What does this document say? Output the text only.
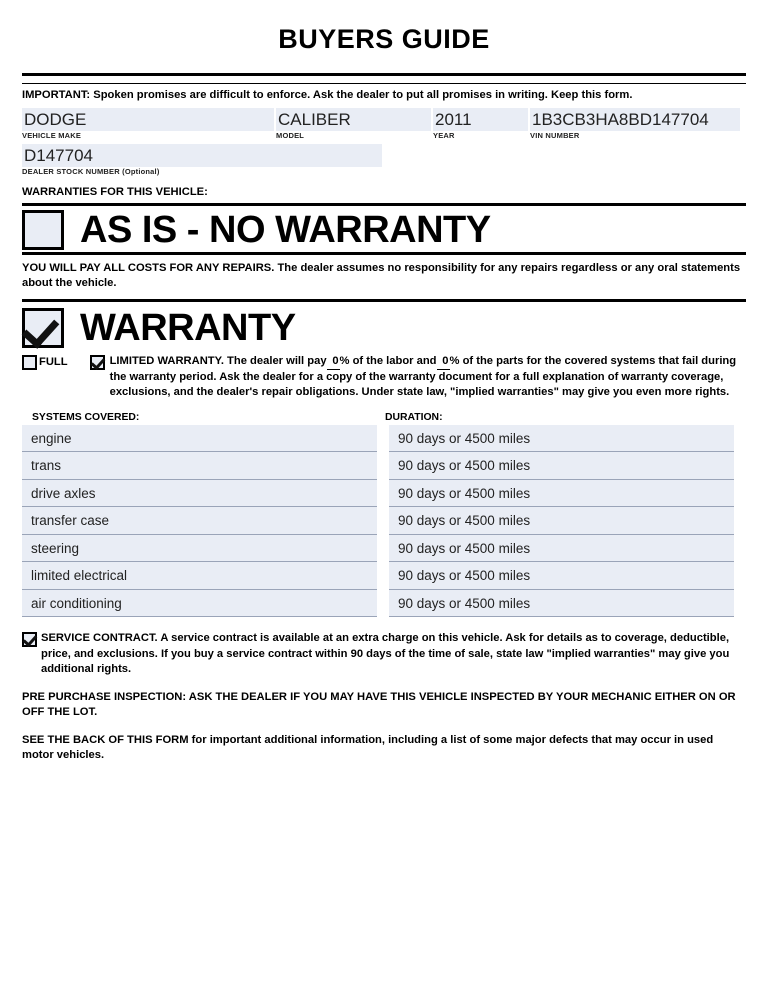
BUYERS GUIDE
IMPORTANT: Spoken promises are difficult to enforce. Ask the dealer to put all promises in writing. Keep this form.
DODGE
VEHICLE MAKE
CALIBER
MODEL
2011
YEAR
1B3CB3HA8BD147704
VIN NUMBER
D147704
DEALER STOCK NUMBER (Optional)
WARRANTIES FOR THIS VEHICLE:
AS IS - NO WARRANTY
YOU WILL PAY ALL COSTS FOR ANY REPAIRS. The dealer assumes no responsibility for any repairs regardless or any oral statements about the vehicle.
WARRANTY
FULL	LIMITED WARRANTY. The dealer will pay 0% of the labor and 0% of the parts for the covered systems that fail during the warranty period. Ask the dealer for a copy of the warranty document for a full explanation of warranty coverage, exclusions, and the dealer's repair obligations. Under state law, "implied warranties" may give you even more rights.
SYSTEMS COVERED:	DURATION:
engine	90 days or 4500 miles
trans	90 days or 4500 miles
drive axles	90 days or 4500 miles
transfer case	90 days or 4500 miles
steering	90 days or 4500 miles
limited electrical	90 days or 4500 miles
air conditioning	90 days or 4500 miles
SERVICE CONTRACT. A service contract is available at an extra charge on this vehicle. Ask for details as to coverage, deductible, price, and exclusions. If you buy a service contract within 90 days of the time of sale, state law "implied warranties" may give you additional rights.
PRE PURCHASE INSPECTION: ASK THE DEALER IF YOU MAY HAVE THIS VEHICLE INSPECTED BY YOUR MECHANIC EITHER ON OR OFF THE LOT.
SEE THE BACK OF THIS FORM for important additional information, including a list of some major defects that may occur in used motor vehicles.
